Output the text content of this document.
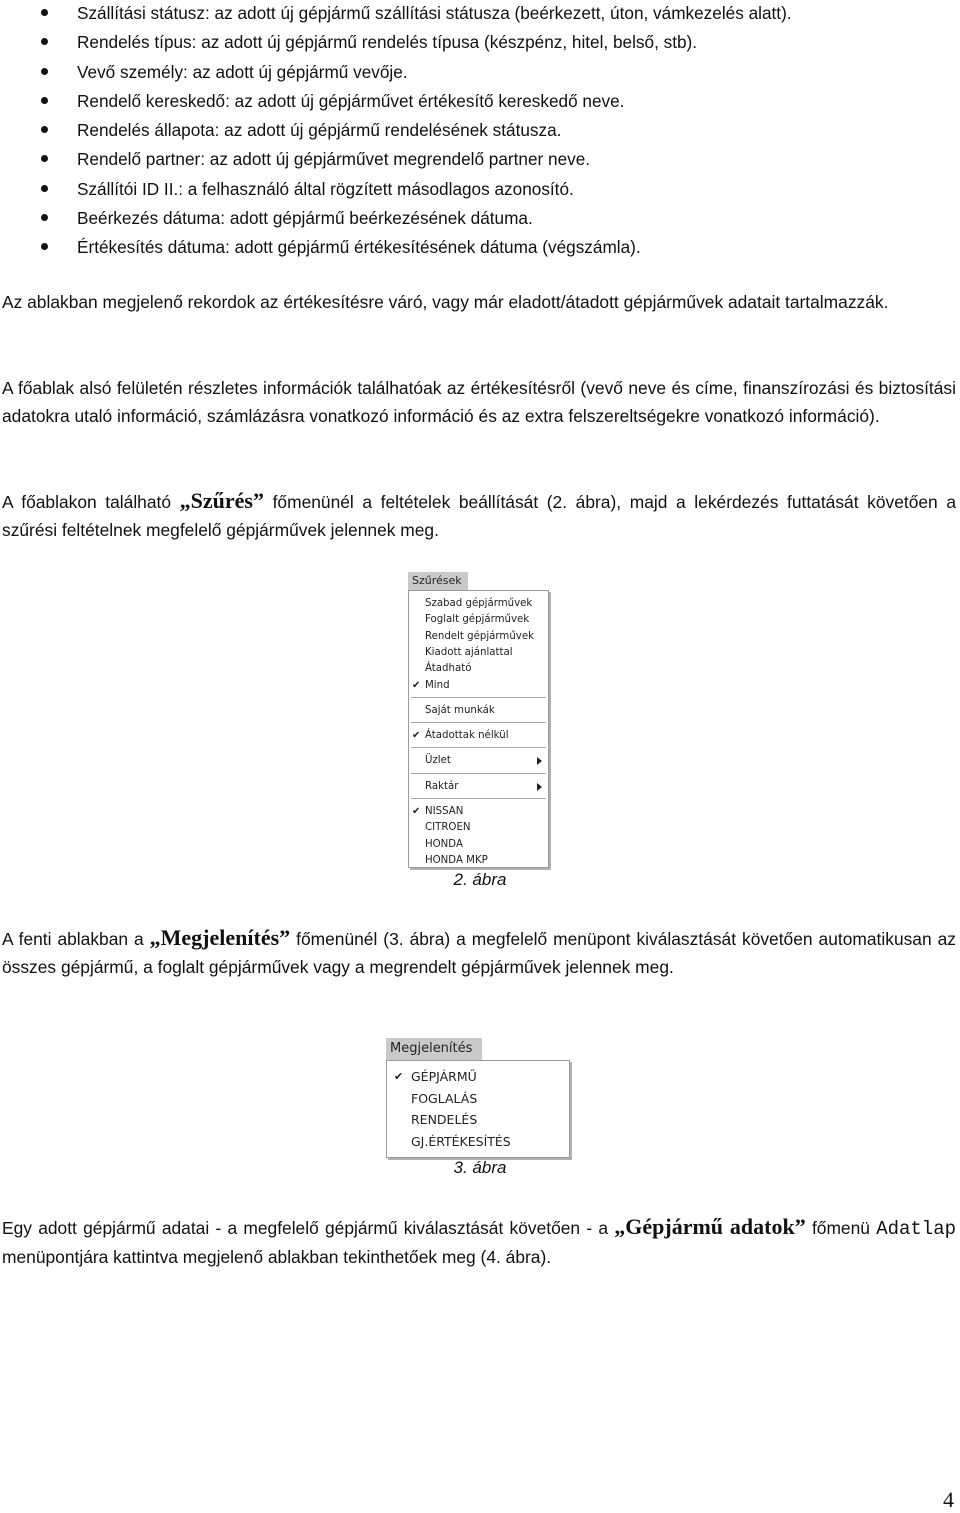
Szállítási státusz: az adott új gépjármű szállítási státusza (beérkezett, úton, vámkezelés alatt).
Rendelés típus: az adott új gépjármű rendelés típusa (készpénz, hitel, belső, stb).
Vevő személy: az adott új gépjármű vevője.
Rendelő kereskedő: az adott új gépjárművet értékesítő kereskedő neve.
Rendelés állapota: az adott új gépjármű rendelésének státusza.
Rendelő partner: az adott új gépjárművet megrendelő partner neve.
Szállítói ID II.: a felhasználó által rögzített másodlagos azonosító.
Beérkezés dátuma: adott gépjármű beérkezésének dátuma.
Értékesítés dátuma: adott gépjármű értékesítésének dátuma (végszámla).

Az ablakban megjelenő rekordok az értékesítésre váró, vagy már eladott/átadott gépjárművek adatait tartalmazzák.

A főablak alsó felületén részletes információk találhatóak az értékesítésről (vevő neve és címe, finanszírozási és biztosítási adatokra utaló információ, számlázásra vonatkozó információ és az extra felszereltségekre vonatkozó információ).

A főablakon található „Szűrés” főmenünél a feltételek beállítását (2. ábra), majd a lekérdezés futtatását követően a szűrési feltételnek megfelelő gépjárművek jelennek meg.

Szűrések
Szabad gépjárművek
Foglalt gépjárművek
Rendelt gépjárművek
Kiadott ajánlattal
Átadható
✔ Mind
Saját munkák
✔ Átadottak nélkül
Üzlet
Raktár
✔ NISSAN
CITROEN
HONDA
HONDA MKP
2. ábra

A fenti ablakban a „Megjelenítés” főmenünél (3. ábra) a megfelelő menüpont kiválasztását követően automatikusan az összes gépjármű, a foglalt gépjárművek vagy a megrendelt gépjárművek jelennek meg.

Megjelenítés
✔ GÉPJÁRMŰ
FOGLALÁS
RENDELÉS
GJ.ÉRTÉKESÍTÉS
3. ábra

Egy adott gépjármű adatai - a megfelelő gépjármű kiválasztását követően - a „Gépjármű adatok” főmenü Adatlap menüpontjára kattintva megjelenő ablakban tekinthetőek meg (4. ábra).

4
